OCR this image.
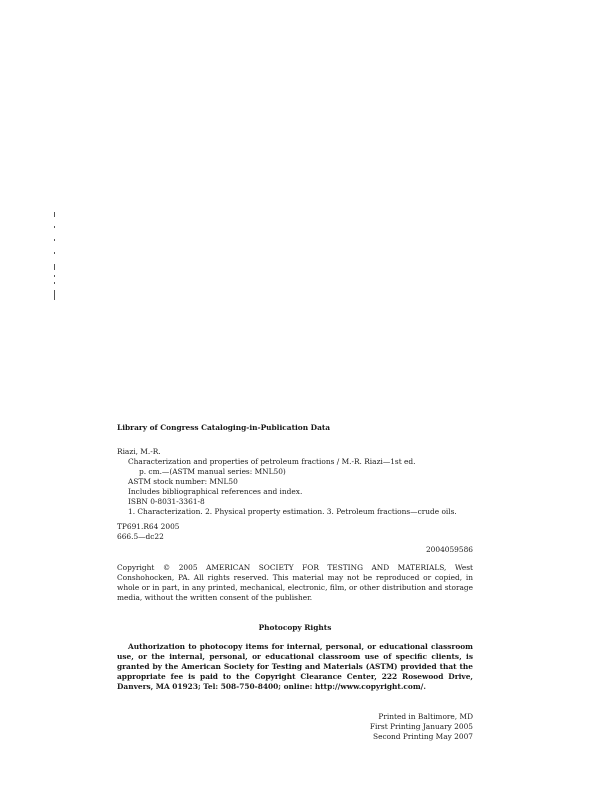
Library of Congress Cataloging-in-Publication Data
Riazi, M.-R.
Characterization and properties of petroleum fractions / M.-R. Riazi—1st ed.
p. cm.—(ASTM manual series: MNL50)
ASTM stock number: MNL50
Includes bibliographical references and index.
ISBN 0-8031-3361-8
1. Characterization. 2. Physical property estimation. 3. Petroleum fractions—crude oils.
TP691.R64 2005
666.5—dc22
2004059586
Copyright © 2005 AMERICAN SOCIETY FOR TESTING AND MATERIALS, West Conshohocken, PA. All rights reserved. This material may not be reproduced or copied, in whole or in part, in any printed, mechanical, electronic, film, or other distribution and storage media, without the written consent of the publisher.
Photocopy Rights

Authorization to photocopy items for internal, personal, or educational classroom use, or the internal, personal, or educational classroom use of specific clients, is granted by the American Society for Testing and Materials (ASTM) provided that the appropriate fee is paid to the Copyright Clearance Center, 222 Rosewood Drive, Danvers, MA 01923; Tel: 508-750-8400; online: http://www.copyright.com/.

Printed in Baltimore, MD
First Printing January 2005
Second Printing May 2007
